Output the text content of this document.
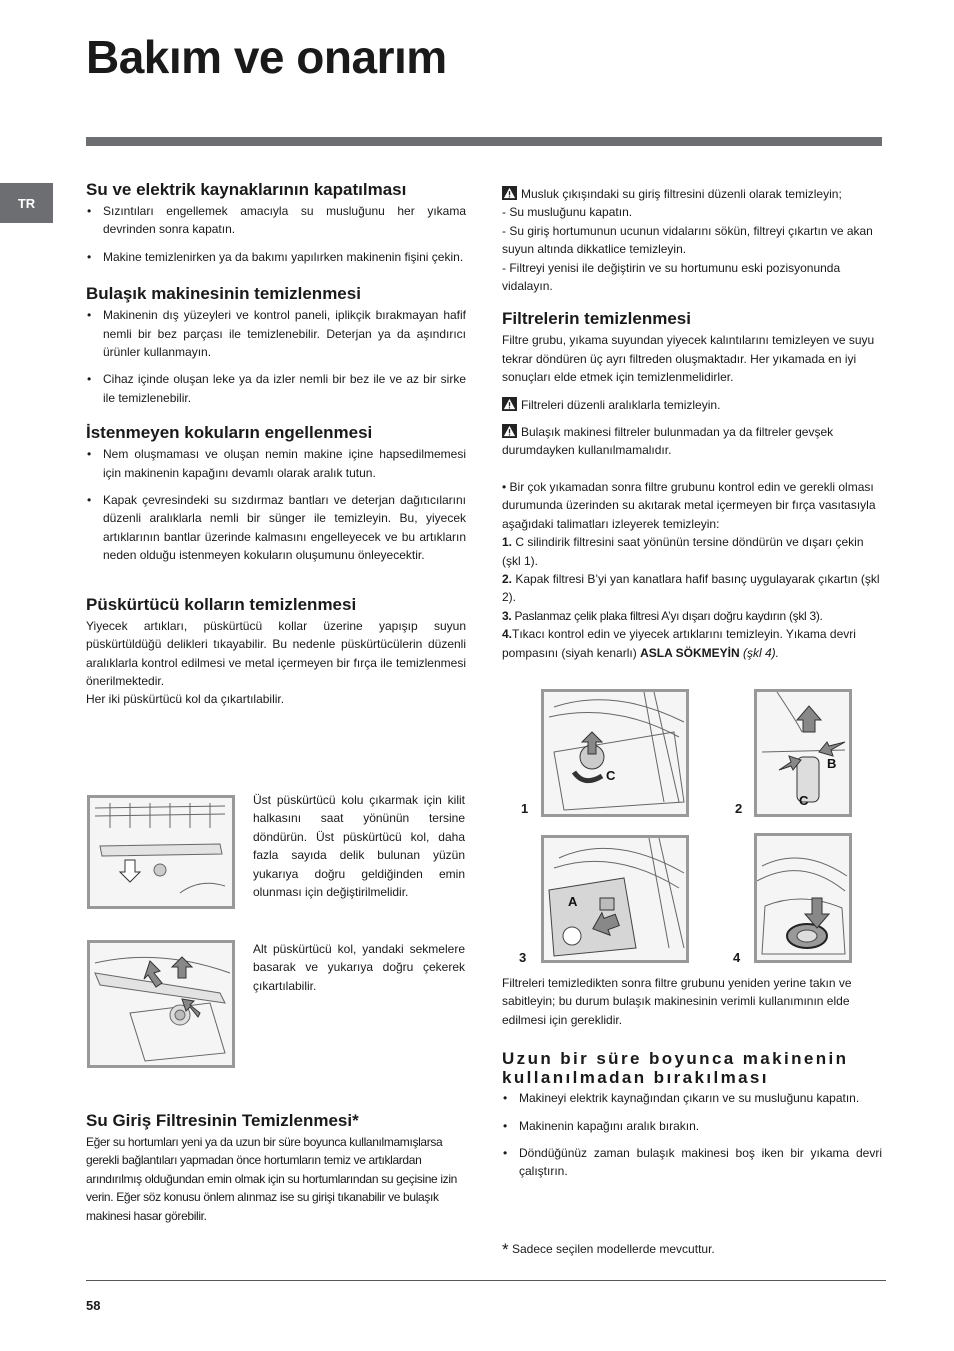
Bakım ve onarım
TR
Su ve elektrik kaynaklarının kapatılması
• Sızıntıları engellemek amacıyla su musluğunu her yıkama devrinden sonra kapatın.
• Makine temizlenirken ya da bakımı yapılırken makinenin fişini çekin.
Bulaşık makinesinin temizlenmesi
• Makinenin dış yüzeyleri ve kontrol paneli, iplikçik bırakmayan hafif nemli bir bez parçası ile temizlenebilir. Deterjan ya da aşındırıcı ürünler kullanmayın.
• Cihaz içinde oluşan leke ya da izler nemli bir bez ile ve az bir sirke ile temizlenebilir.
İstenmeyen kokuların engellenmesi
• Nem oluşmaması ve oluşan nemin makine içine hapsedilmemesi için makinenin kapağını devamlı olarak aralık tutun.
• Kapak çevresindeki su sızdırmaz bantları ve deterjan dağıtıcılarını düzenli aralıklarla nemli bir sünger ile temizleyin. Bu, yiyecek artıklarının bantlar üzerinde kalmasını engelleyecek ve bu artıkların neden olduğu istenmeyen kokuların oluşumunu önleyecektir.
Püskürtücü kolların temizlenmesi

Yiyecek artıkları, püskürtücü kollar üzerine yapışıp suyun püskürtüldüğü delikleri tıkayabilir. Bu nedenle püskürtücülerin düzenli aralıklarla kontrol edilmesi ve metal içermeyen bir fırça ile temizlenmesi önerilmektedir.

Her iki püskürtücü kol da çıkartılabilir.

Üst püskürtücü kolu çıkarmak için kilit halkasını saat yönünün tersine döndürün. Üst püskürtücü kol, daha fazla sayıda delik bulunan yüzün yukarıya doğru geldiğinden emin olunması için değiştirilmelidir.
Alt püskürtücü kol, yandaki sekmelere basarak ve yukarıya doğru çekerek çıkartılabilir.
Su Giriş Filtresinin Temizlenmesi*

Eğer su hortumları yeni ya da uzun bir süre boyunca kullanılmamışlarsa gerekli bağlantıları yapmadan önce hortumların temiz ve artıklardan arındırılmış olduğundan emin olmak için su hortumlarından su geçisine izin verin. Eğer söz konusu önlem alınmaz ise su girişi tıkanabilir ve bulaşık makinesi hasar görebilir.

Musluk çıkışındaki su giriş filtresini düzenli olarak temizleyin;

- Su musluğunu kapatın.

- Su giriş hortumunun ucunun vidalarını sökün, filtreyi çıkartın ve akan suyun altında dikkatlice temizleyin.

- Filtreyi yenisi ile değiştirin ve su hortumunu eski pozisyonunda vidalayın.

Filtrelerin temizlenmesi

Filtre grubu, yıkama suyundan yiyecek kalıntılarını temizleyen ve suyu tekrar döndüren üç ayrı filtreden oluşmaktadır. Her yıkamada en iyi sonuçları elde etmek için temizlenmelidirler.

Filtreleri düzenli aralıklarla temizleyin.

Bulaşık makinesi filtreler bulunmadan ya da filtreler gevşek durumdayken kullanılmamalıdır.

• Bir çok yıkamadan sonra filtre grubunu kontrol edin ve gerekli olması durumunda üzerinden su akıtarak metal içermeyen bir fırça vasıtasıyla aşağıdaki talimatları izleyerek temizleyin:

1. C silindirik filtresini saat yönünün tersine döndürün ve dışarı çekin (şkl 1).

2. Kapak filtresi B’yi yan kanatlara hafif basınç uygulayarak çıkartın (şkl 2).

3. Paslanmaz çelik plaka filtresi A’yı dışarı doğru kaydırın (şkl 3).

4.Tıkacı kontrol edin ve yiyecek artıklarını temizleyin. Yıkama devri pompasını (siyah kenarlı) ASLA SÖKMEYİN (şkl 4).

C
1
B
C
2
A
3	4

Filtreleri temizledikten sonra filtre grubunu yeniden yerine takın ve sabitleyin; bu durum bulaşık makinesinin verimli kullanımının elde edilmesi için gereklidir.

Uzun bir süre boyunca makinenin kullanılmadan bırakılması
• Makineyi elektrik kaynağından çıkarın ve su musluğunu kapatın.
• Makinenin kapağını aralık bırakın.
• Döndüğünüz zaman bulaşık makinesi boş iken bir yıkama devri çalıştırın.
* Sadece seçilen modellerde mevcuttur.
58
